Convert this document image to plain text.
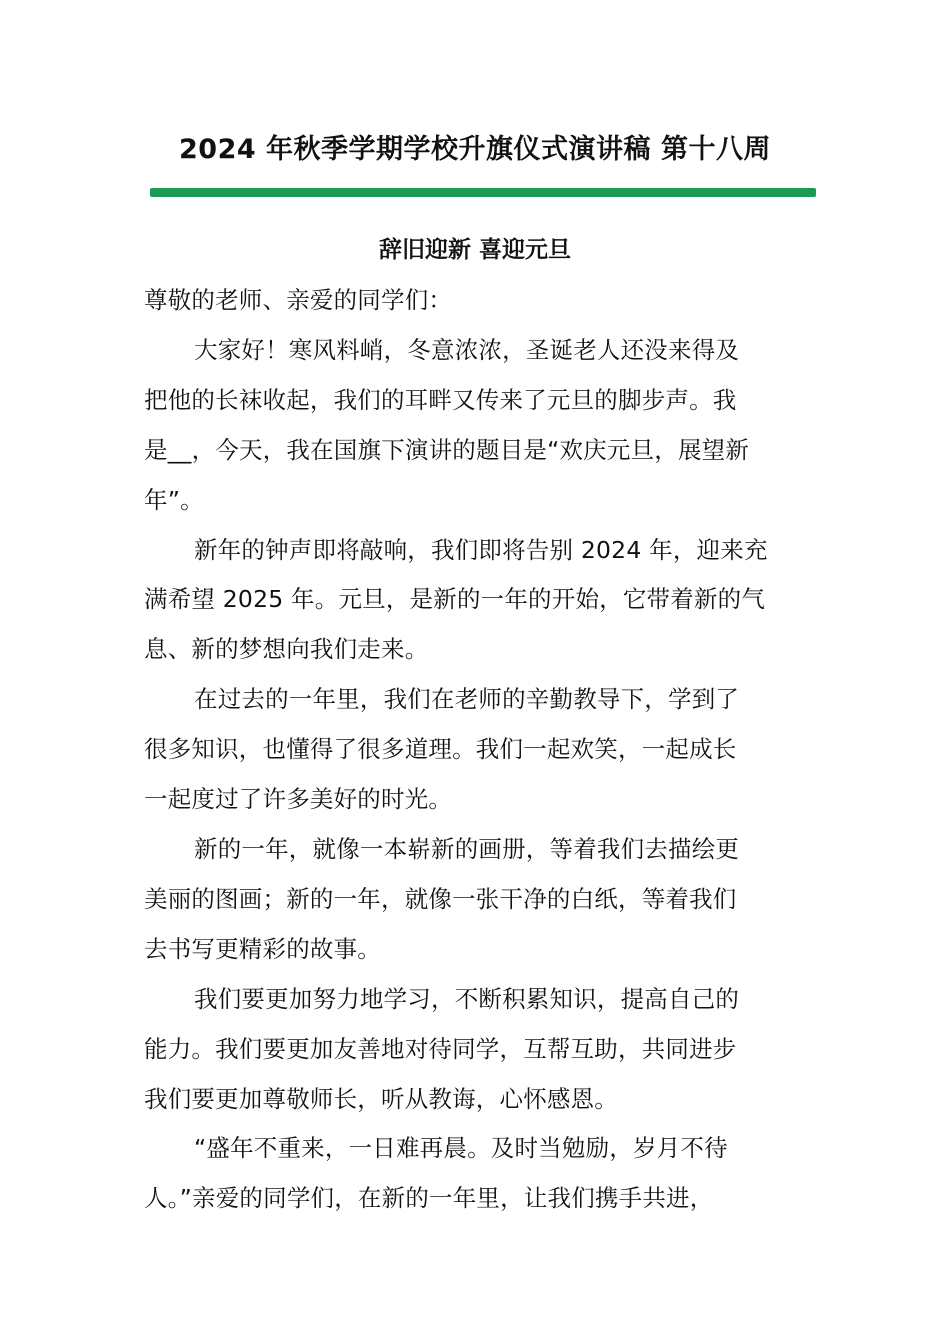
2024 年秋季学期学校升旗仪式演讲稿 第十八周
辞旧迎新 喜迎元旦
尊敬的老师、亲爱的同学们：

大家好！寒风料峭，冬意浓浓，圣诞老人还没来得及
把他的长袜收起，我们的耳畔又传来了元旦的脚步声。我
是__，今天，我在国旗下演讲的题目是“欢庆元旦，展望新
年”。

新年的钟声即将敲响，我们即将告别 2024 年，迎来充
满希望 2025 年。元旦，是新的一年的开始，它带着新的气
息、新的梦想向我们走来。

在过去的一年里，我们在老师的辛勤教导下，学到了
很多知识，也懂得了很多道理。我们一起欢笑，一起成长
一起度过了许多美好的时光。

新的一年，就像一本崭新的画册，等着我们去描绘更
美丽的图画；新的一年，就像一张干净的白纸，等着我们
去书写更精彩的故事。

我们要更加努力地学习，不断积累知识，提高自己的
能力。我们要更加友善地对待同学，互帮互助，共同进步
我们要更加尊敬师长，听从教诲，心怀感恩。

“盛年不重来，一日难再晨。及时当勉励，岁月不待
人。”亲爱的同学们，在新的一年里，让我们携手共进，
